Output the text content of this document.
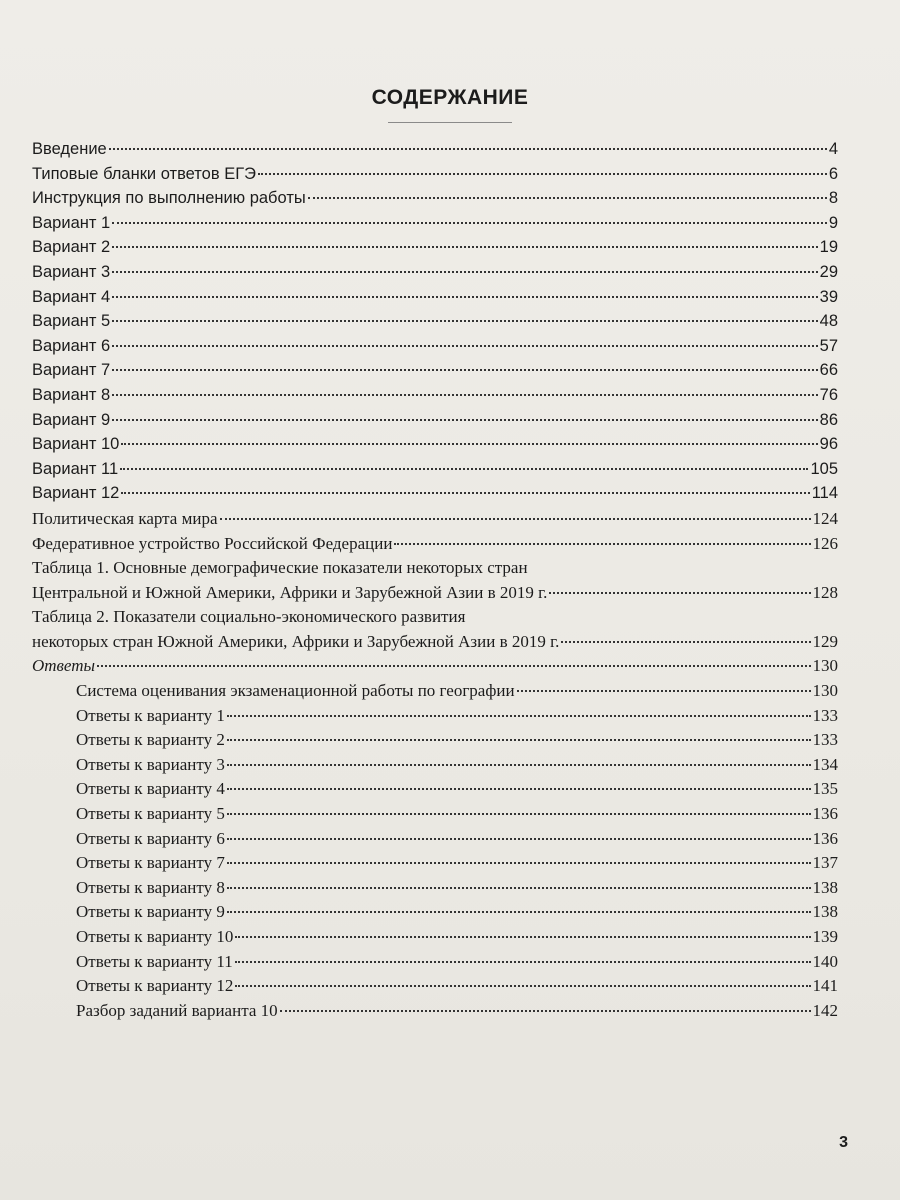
СОДЕРЖАНИЕ
Введение	4
Типовые бланки ответов ЕГЭ	6
Инструкция по выполнению работы	8
Вариант 1	9
Вариант 2	19
Вариант 3	29
Вариант 4	39
Вариант 5	48
Вариант 6	57
Вариант 7	66
Вариант 8	76
Вариант 9	86
Вариант 10	96
Вариант 11	105
Вариант 12	114
Политическая карта мира	124
Федеративное устройство Российской Федерации	126
Таблица 1. Основные демографические показатели некоторых стран
Центральной и Южной Америки, Африки и Зарубежной Азии в 2019 г.	128
Таблица 2. Показатели социально-экономического развития
некоторых стран Южной Америки, Африки и Зарубежной Азии в 2019 г.	129
Ответы	130
Система оценивания экзаменационной работы по географии	130
Ответы к варианту 1	133
Ответы к варианту 2	133
Ответы к варианту 3	134
Ответы к варианту 4	135
Ответы к варианту 5	136
Ответы к варианту 6	136
Ответы к варианту 7	137
Ответы к варианту 8	138
Ответы к варианту 9	138
Ответы к варианту 10	139
Ответы к варианту 11	140
Ответы к варианту 12	141
Разбор заданий варианта 10	142
3
